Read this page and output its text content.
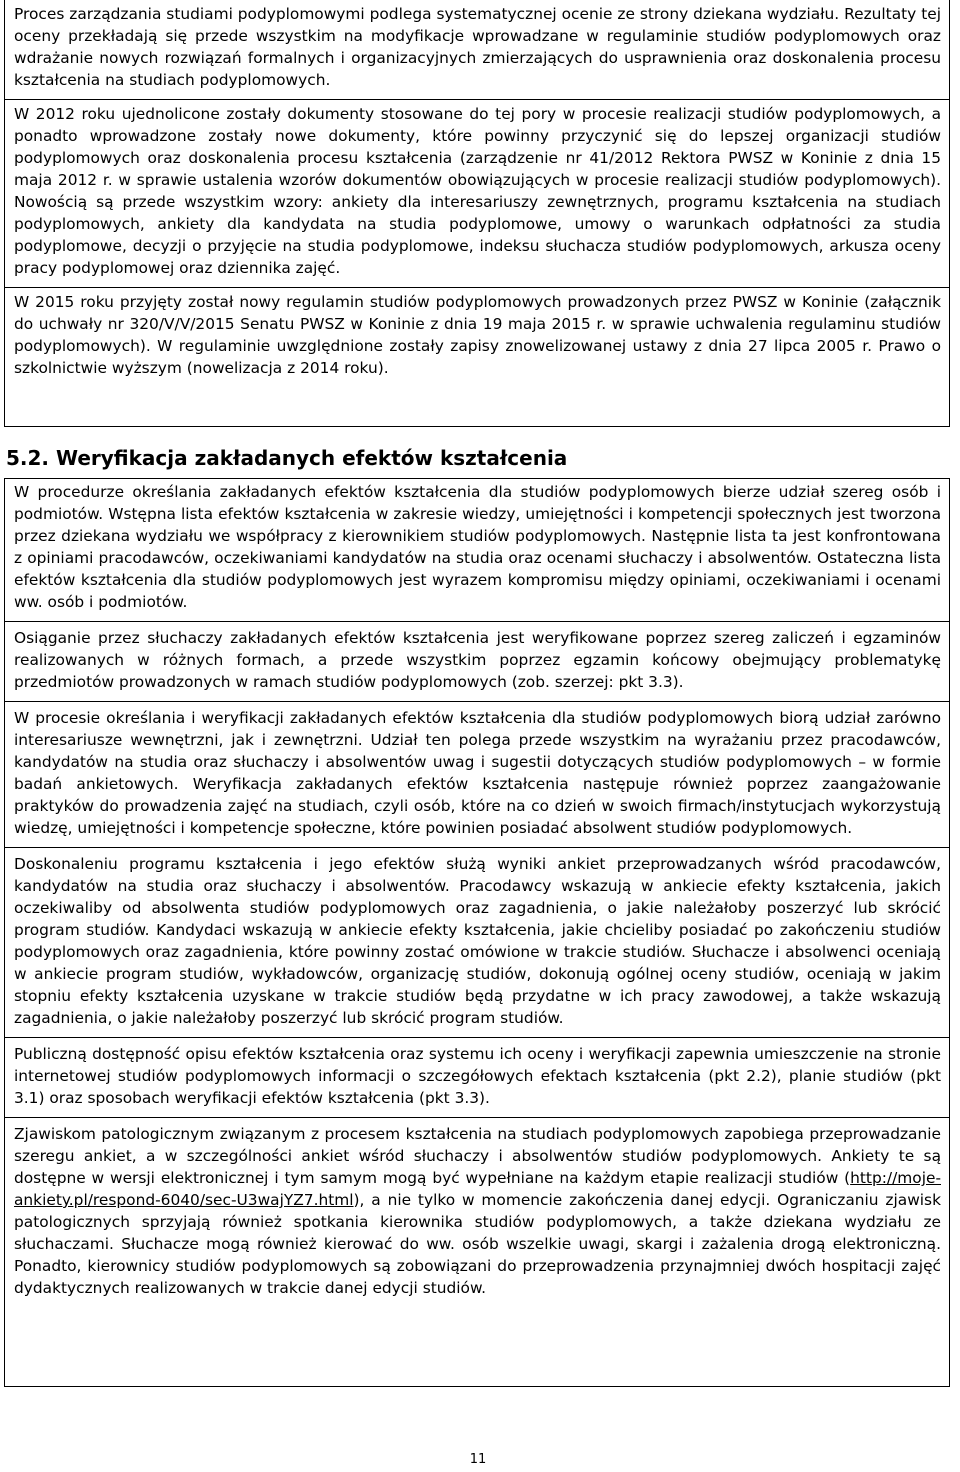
Proces zarządzania studiami podyplomowymi podlega systematycznej ocenie ze strony dziekana wydziału. Rezultaty tej oceny przekładają się przede wszystkim na modyfikacje wprowadzane w regulaminie studiów podyplomowych oraz wdrażanie nowych rozwiązań formalnych i organizacyjnych zmierzających do usprawnienia oraz doskonalenia procesu kształcenia na studiach podyplomowych.

W 2012 roku ujednolicone zostały dokumenty stosowane do tej pory w procesie realizacji studiów podyplomowych, a ponadto wprowadzone zostały nowe dokumenty, które powinny przyczynić się do lepszej organizacji studiów podyplomowych oraz doskonalenia procesu kształcenia (zarządzenie nr 41/2012 Rektora PWSZ w Koninie z dnia 15 maja 2012 r. w sprawie ustalenia wzorów dokumentów obowiązujących w procesie realizacji studiów podyplomowych). Nowością są przede wszystkim wzory: ankiety dla interesariuszy zewnętrznych, programu kształcenia na studiach podyplomowych, ankiety dla kandydata na studia podyplomowe, umowy o warunkach odpłatności za studia podyplomowe, decyzji o przyjęcie na studia podyplomowe, indeksu słuchacza studiów podyplomowych, arkusza oceny pracy podyplomowej oraz dziennika zajęć.

W 2015 roku przyjęty został nowy regulamin studiów podyplomowych prowadzonych przez PWSZ w Koninie (załącznik do uchwały nr 320/V/V/2015 Senatu PWSZ w Koninie z dnia 19 maja 2015 r. w sprawie uchwalenia regulaminu studiów podyplomowych). W regulaminie uwzględnione zostały zapisy znowelizowanej ustawy z dnia 27 lipca 2005 r. Prawo o szkolnictwie wyższym (nowelizacja z 2014 roku).

5.2. Weryfikacja zakładanych efektów kształcenia

W procedurze określania zakładanych efektów kształcenia dla studiów podyplomowych bierze udział szereg osób i podmiotów. Wstępna lista efektów kształcenia w zakresie wiedzy, umiejętności i kompetencji społecznych jest tworzona przez dziekana wydziału we współpracy z kierownikiem studiów podyplomowych. Następnie lista ta jest konfrontowana z opiniami pracodawców, oczekiwaniami kandydatów na studia oraz ocenami słuchaczy i absolwentów. Ostateczna lista efektów kształcenia dla studiów podyplomowych jest wyrazem kompromisu między opiniami, oczekiwaniami i ocenami ww. osób i podmiotów.

Osiąganie przez słuchaczy zakładanych efektów kształcenia jest weryfikowane poprzez szereg zaliczeń i egzaminów realizowanych w różnych formach, a przede wszystkim poprzez egzamin końcowy obejmujący problematykę przedmiotów prowadzonych w ramach studiów podyplomowych (zob. szerzej: pkt 3.3).

W procesie określania i weryfikacji zakładanych efektów kształcenia dla studiów podyplomowych biorą udział zarówno interesariusze wewnętrzni, jak i zewnętrzni. Udział ten polega przede wszystkim na wyrażaniu przez pracodawców, kandydatów na studia oraz słuchaczy i absolwentów uwag i sugestii dotyczących studiów podyplomowych – w formie badań ankietowych. Weryfikacja zakładanych efektów kształcenia następuje również poprzez zaangażowanie praktyków do prowadzenia zajęć na studiach, czyli osób, które na co dzień w swoich firmach/instytucjach wykorzystują wiedzę, umiejętności i kompetencje społeczne, które powinien posiadać absolwent studiów podyplomowych.

Doskonaleniu programu kształcenia i jego efektów służą wyniki ankiet przeprowadzanych wśród pracodawców, kandydatów na studia oraz słuchaczy i absolwentów. Pracodawcy wskazują w ankiecie efekty kształcenia, jakich oczekiwaliby od absolwenta studiów podyplomowych oraz zagadnienia, o jakie należałoby poszerzyć lub skrócić program studiów. Kandydaci wskazują w ankiecie efekty kształcenia, jakie chcieliby posiadać po zakończeniu studiów podyplomowych oraz zagadnienia, które powinny zostać omówione w trakcie studiów. Słuchacze i absolwenci oceniają w ankiecie program studiów, wykładowców, organizację studiów, dokonują ogólnej oceny studiów, oceniają w jakim stopniu efekty kształcenia uzyskane w trakcie studiów będą przydatne w ich pracy zawodowej, a także wskazują zagadnienia, o jakie należałoby poszerzyć lub skrócić program studiów.

Publiczną dostępność opisu efektów kształcenia oraz systemu ich oceny i weryfikacji zapewnia umieszczenie na stronie internetowej studiów podyplomowych informacji o szczegółowych efektach kształcenia (pkt 2.2), planie studiów (pkt 3.1) oraz sposobach weryfikacji efektów kształcenia (pkt 3.3).

Zjawiskom patologicznym związanym z procesem kształcenia na studiach podyplomowych zapobiega przeprowadzanie szeregu ankiet, a w szczególności ankiet wśród słuchaczy i absolwentów studiów podyplomowych. Ankiety te są dostępne w wersji elektronicznej i tym samym mogą być wypełniane na każdym etapie realizacji studiów (http://moje-ankiety.pl/respond-6040/sec-U3wajYZ7.html), a nie tylko w momencie zakończenia danej edycji. Ograniczaniu zjawisk patologicznych sprzyjają również spotkania kierownika studiów podyplomowych, a także dziekana wydziału ze słuchaczami. Słuchacze mogą również kierować do ww. osób wszelkie uwagi, skargi i zażalenia drogą elektroniczną. Ponadto, kierownicy studiów podyplomowych są zobowiązani do przeprowadzenia przynajmniej dwóch hospitacji zajęć dydaktycznych realizowanych w trakcie danej edycji studiów.

11
